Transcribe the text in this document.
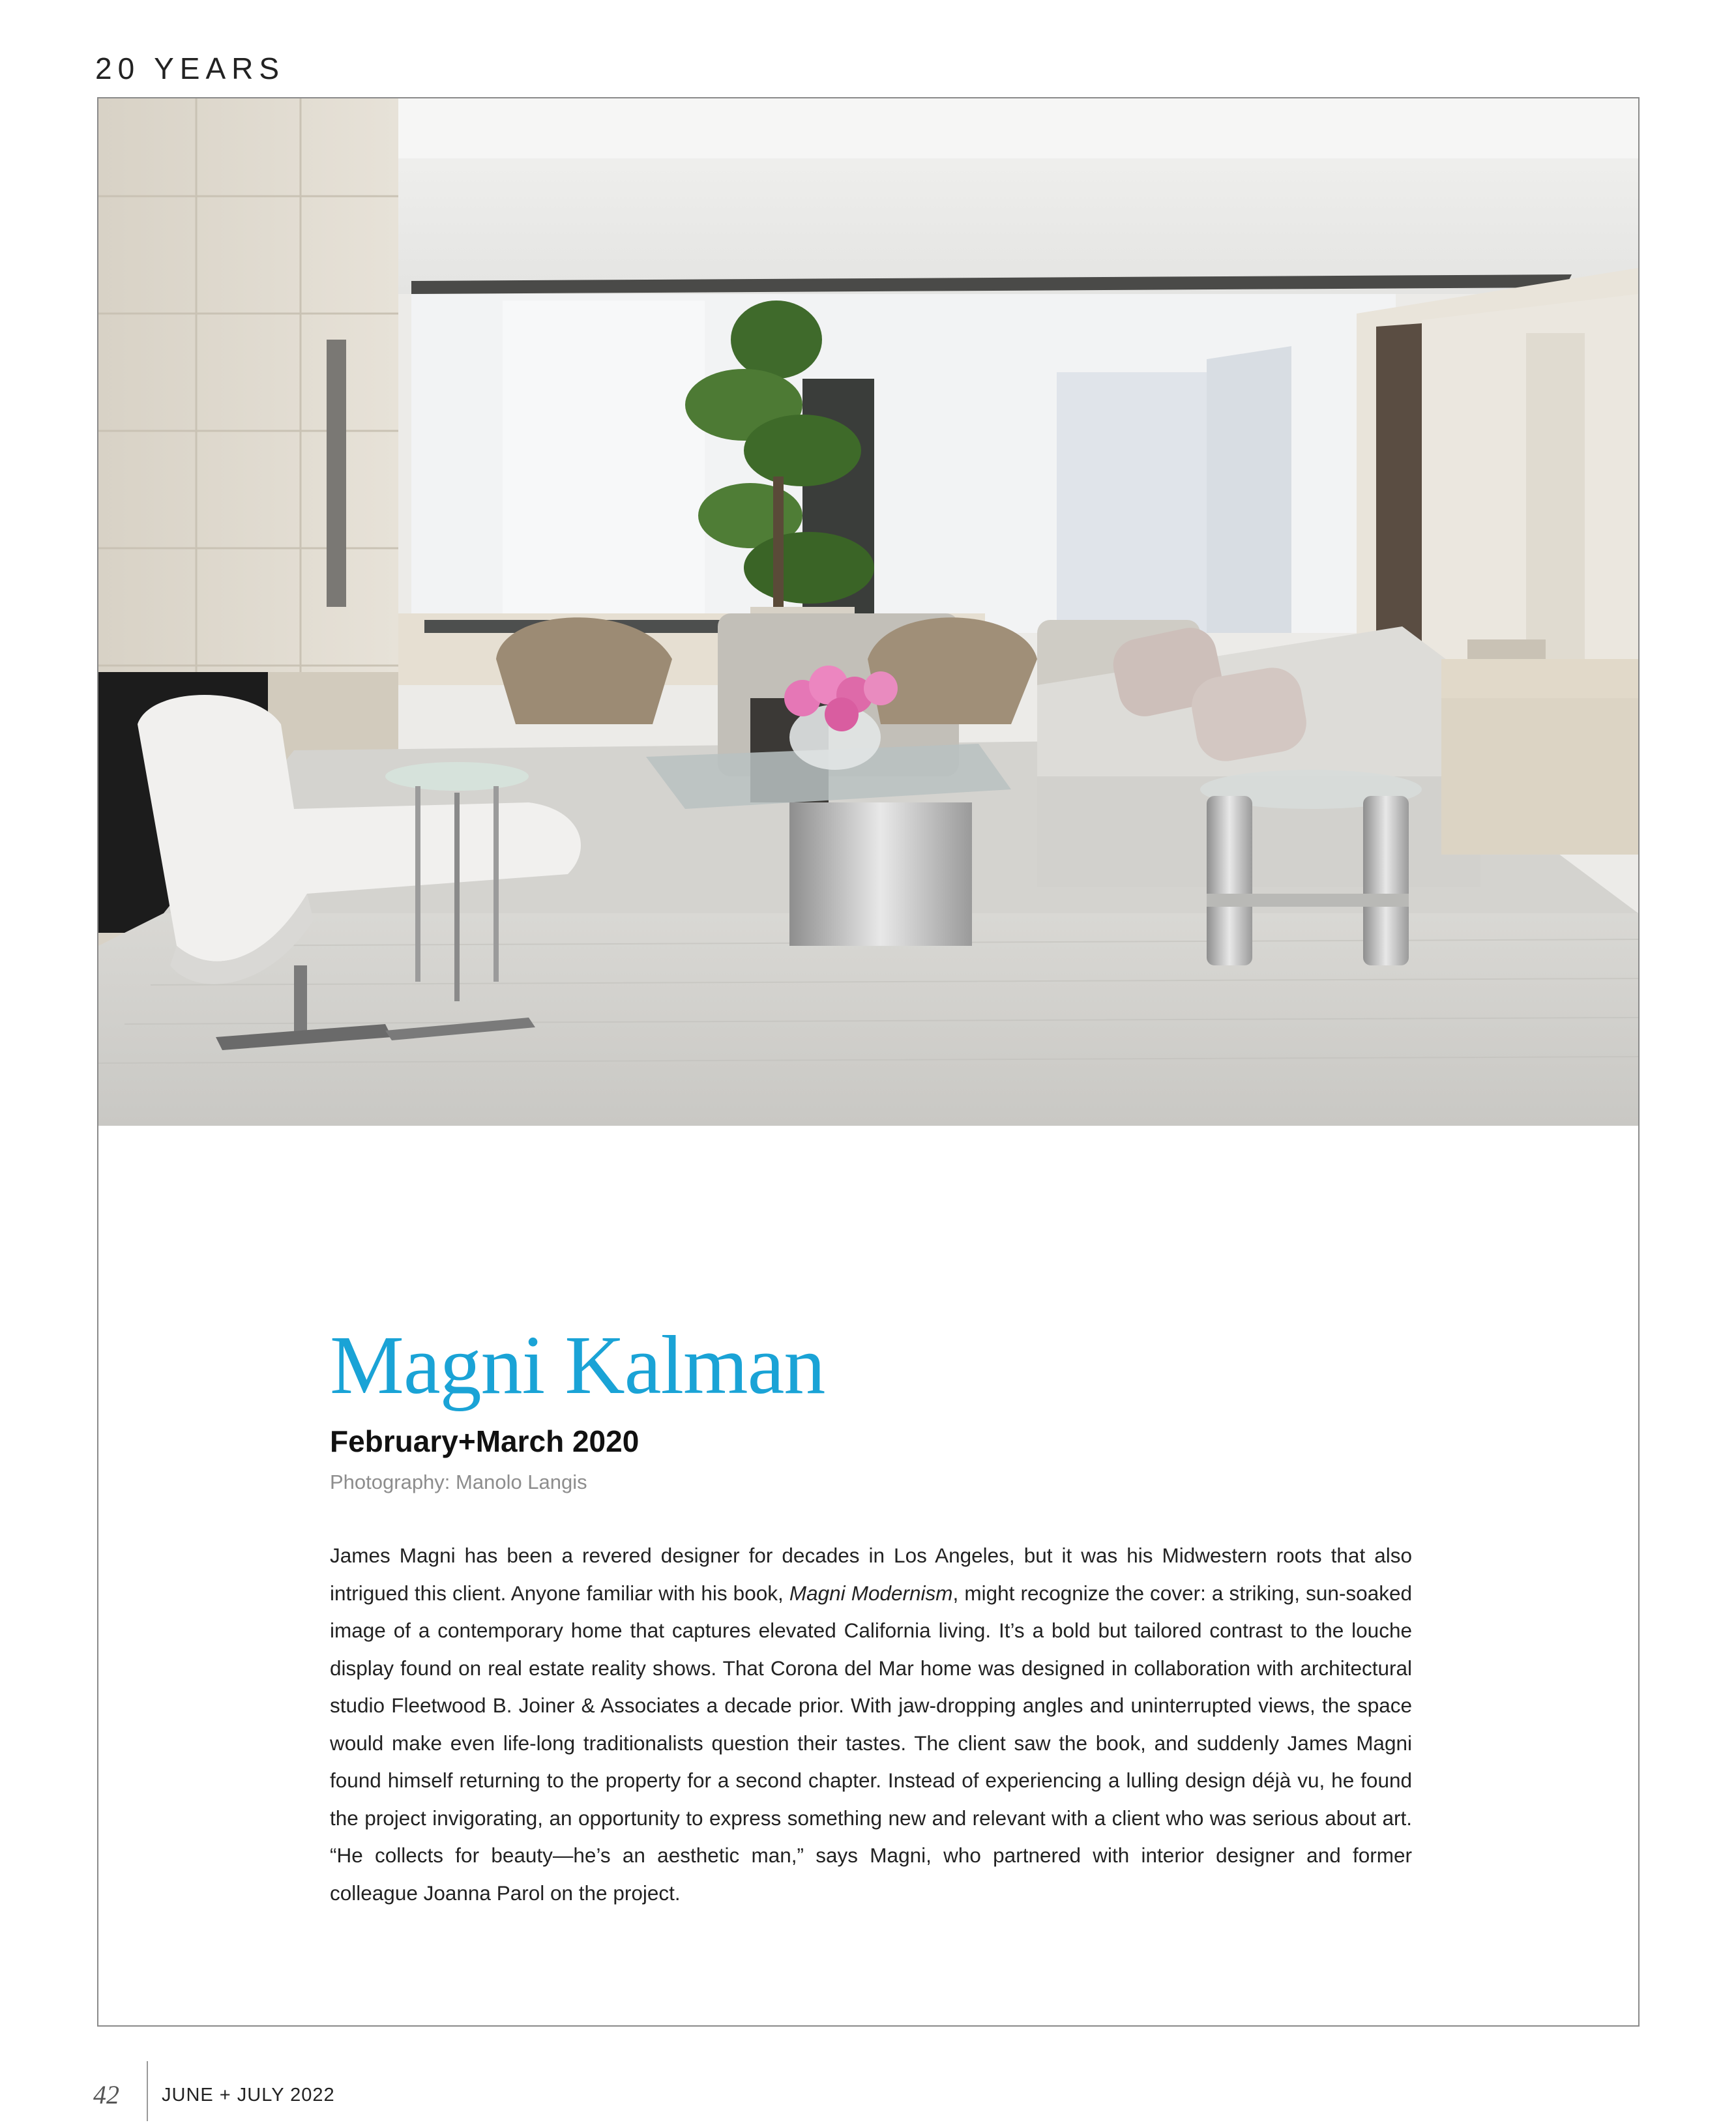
20 YEARS
Magni Kalman
February+March 2020
Photography: Manolo Langis

James Magni has been a revered designer for decades in Los Angeles, but it was his Midwestern roots that also intrigued this client. Anyone familiar with his book, Magni Modernism, might recognize the cover: a striking, sun-soaked image of a contemporary home that captures elevated California living. It’s a bold but tailored contrast to the louche display found on real estate reality shows. That Corona del Mar home was designed in collaboration with architectural studio Fleetwood B. Joiner & Associates a decade prior. With jaw-dropping angles and uninterrupted views, the space would make even life-long traditionalists question their tastes. The client saw the book, and suddenly James Magni found himself returning to the property for a second chapter. Instead of experiencing a lulling design déjà vu, he found the project invigorating, an opportunity to express something new and relevant with a client who was serious about art. “He collects for beauty—he’s an aesthetic man,” says Magni, who partnered with interior designer and former colleague Joanna Parol on the project.

42 JUNE + JULY 2022
